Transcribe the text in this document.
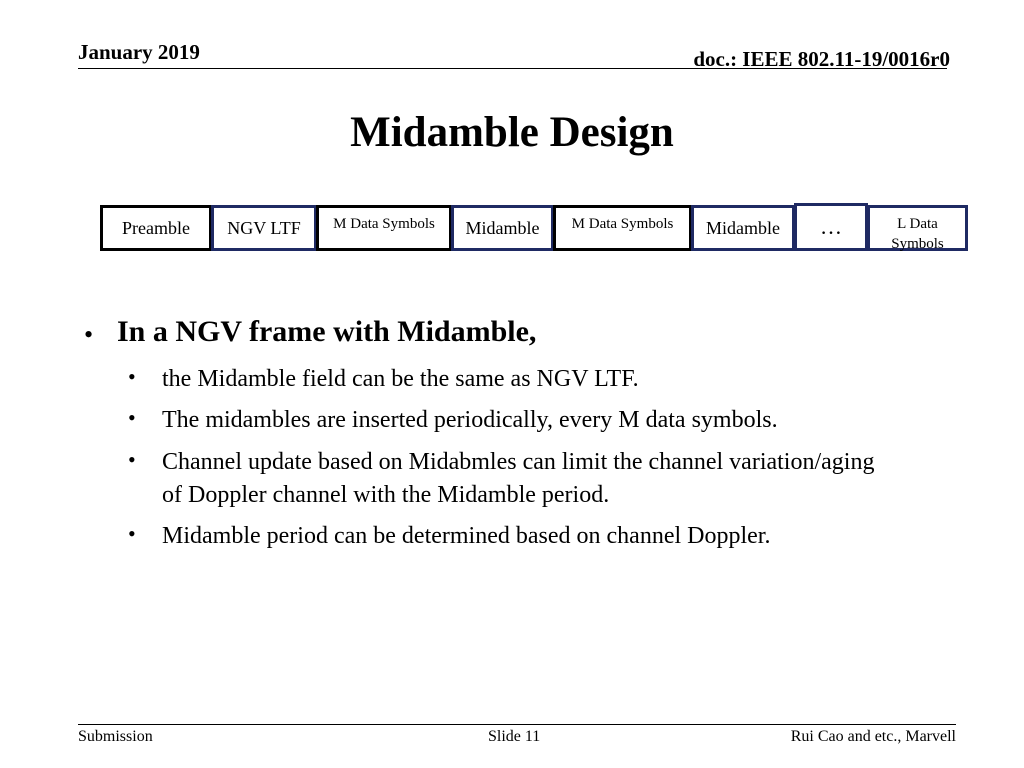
January 2019	doc.: IEEE 802.11-19/0016r0
Midamble Design
Preamble	NGV LTF	M Data Symbols	Midamble	M Data Symbols	Midamble	…	L Data Symbols
• In a NGV frame with Midamble,
• the Midamble field can be the same as NGV LTF.
• The midambles are inserted periodically, every M data symbols.
• Channel update based on Midabmles can limit the channel variation/aging of Doppler channel with the Midamble period.
• Midamble period can be determined based on channel Doppler.
Submission	Slide 11	Rui Cao and etc., Marvell
